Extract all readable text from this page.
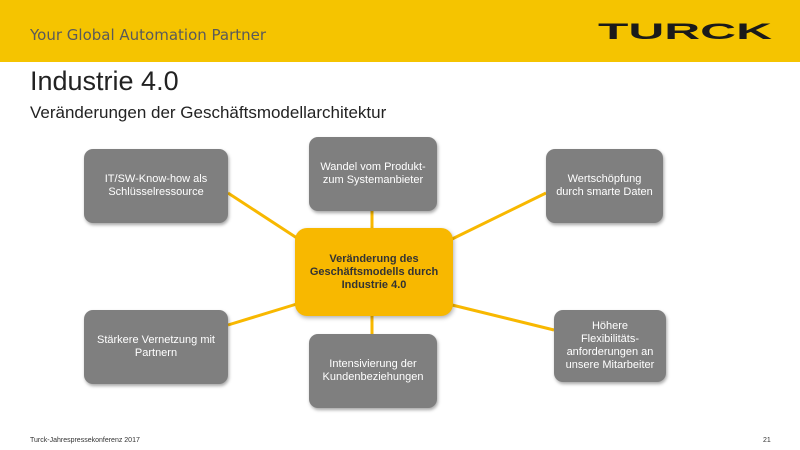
Your Global Automation Partner	TURCK
Industrie 4.0
Veränderungen der Geschäftsmodellarchitektur
IT/SW-Know-how als Schlüsselressource
Wandel vom Produkt- zum Systemanbieter	Wertschöpfung durch smarte Daten
Stärkere Vernetzung mit Partnern
Intensivierung der Kundenbeziehungen
Höhere Flexibilitäts-anforderungen an unsere Mitarbeiter
Veränderung des Geschäftsmodells durch Industrie 4.0
Turck-Jahrespressekonferenz 2017	21
